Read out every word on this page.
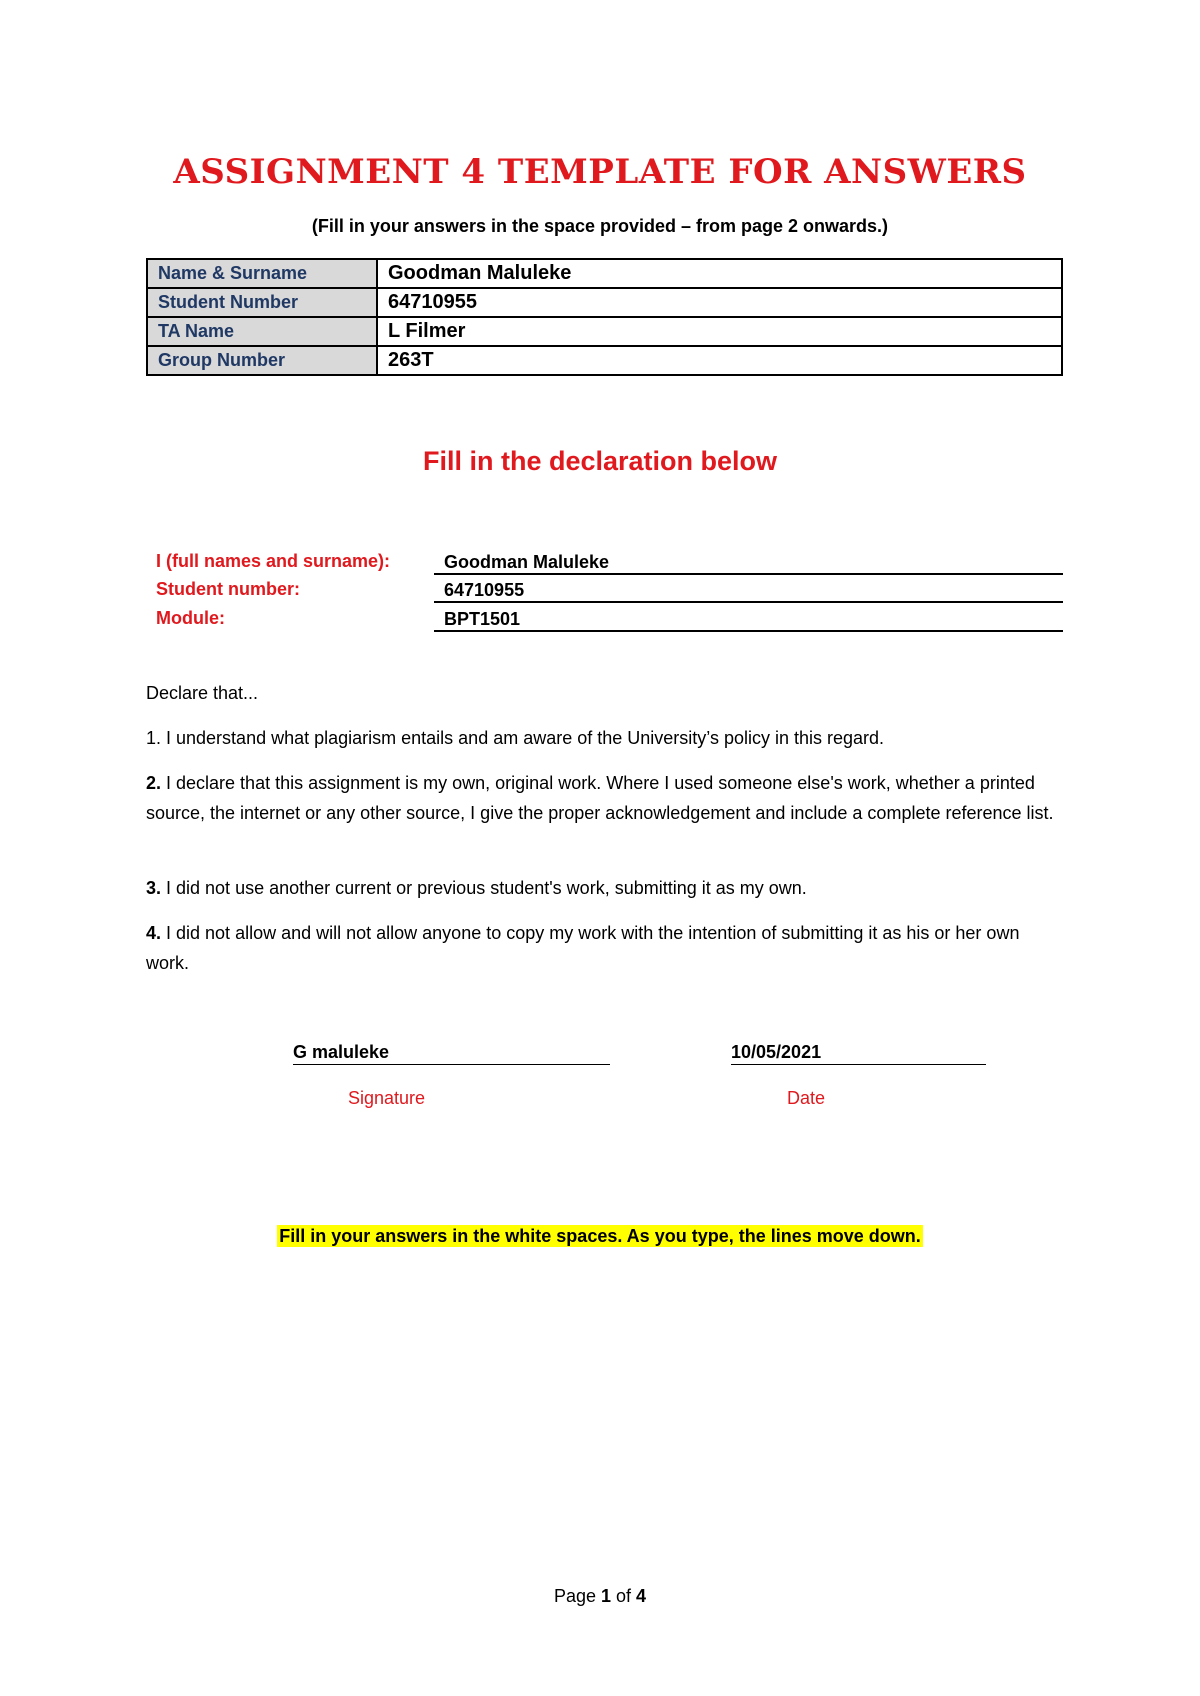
ASSIGNMENT 4 TEMPLATE FOR ANSWERS
(Fill in your answers in the space provided – from page 2 onwards.)
Name & Surname	Goodman Maluleke
Student Number	64710955
TA Name	L Filmer
Group Number	263T
Fill in the declaration below
I (full names and surname):	Goodman Maluleke
Student number:	64710955
Module:	BPT1501
Declare that...
1. I understand what plagiarism entails and am aware of the University’s policy in this regard.
2. I declare that this assignment is my own, original work. Where I used someone else's work, whether a printed source, the internet or any other source, I give the proper acknowledgement and include a complete reference list.
3. I did not use another current or previous student's work, submitting it as my own.
4. I did not allow and will not allow anyone to copy my work with the intention of submitting it as his or her own work.
G maluleke
Signature
10/05/2021
Date
Fill in your answers in the white spaces. As you type, the lines move down.
Page 1 of 4
